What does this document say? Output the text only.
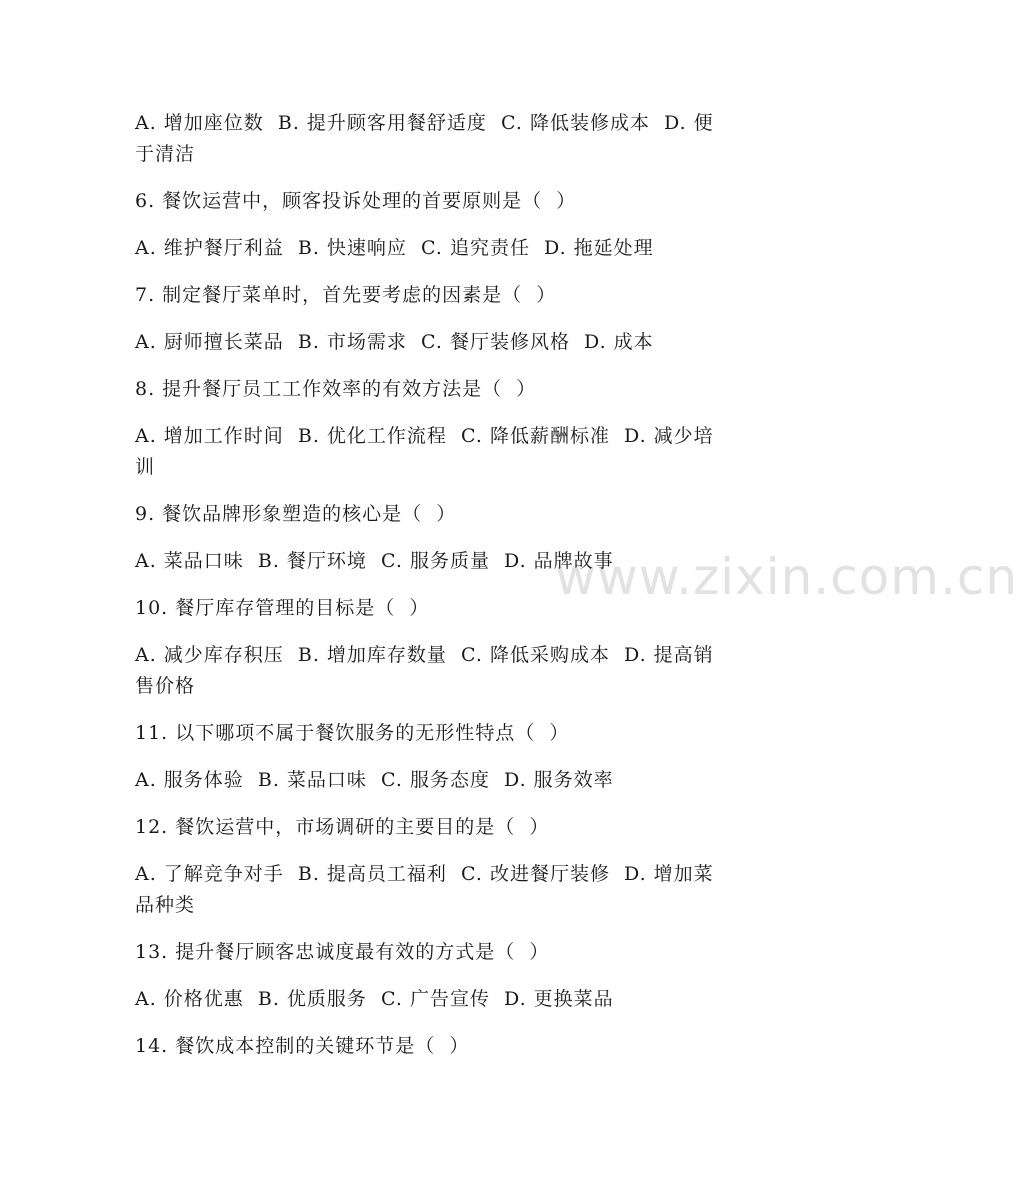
www.zixin.com.cn

A. 增加座位数  B. 提升顾客用餐舒适度  C. 降低装修成本  D. 便

于清洁

6. 餐饮运营中，顾客投诉处理的首要原则是（  ）

A. 维护餐厅利益  B. 快速响应  C. 追究责任  D. 拖延处理

7. 制定餐厅菜单时，首先要考虑的因素是（  ）

A. 厨师擅长菜品  B. 市场需求  C. 餐厅装修风格  D. 成本

8. 提升餐厅员工工作效率的有效方法是（  ）

A. 增加工作时间  B. 优化工作流程  C. 降低薪酬标准  D. 减少培

训

9. 餐饮品牌形象塑造的核心是（  ）

A. 菜品口味  B. 餐厅环境  C. 服务质量  D. 品牌故事

10. 餐厅库存管理的目标是（  ）

A. 减少库存积压  B. 增加库存数量  C. 降低采购成本  D. 提高销

售价格

11. 以下哪项不属于餐饮服务的无形性特点（  ）

A. 服务体验  B. 菜品口味  C. 服务态度  D. 服务效率

12. 餐饮运营中，市场调研的主要目的是（  ）

A. 了解竞争对手  B. 提高员工福利  C. 改进餐厅装修  D. 增加菜

品种类

13. 提升餐厅顾客忠诚度最有效的方式是（  ）

A. 价格优惠  B. 优质服务  C. 广告宣传  D. 更换菜品

14. 餐饮成本控制的关键环节是（  ）
